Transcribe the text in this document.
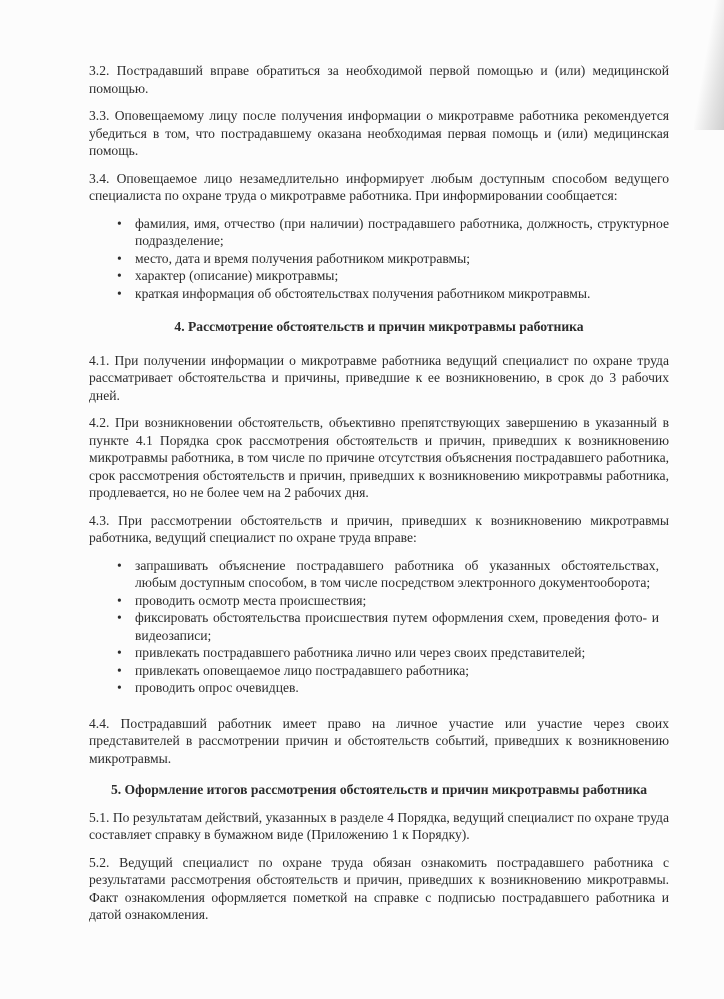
3.2. Пострадавший вправе обратиться за необходимой первой помощью и (или) медицинской помощью.

3.3. Оповещаемому лицу после получения информации о микротравме работника рекомендуется убедиться в том, что пострадавшему оказана необходимая первая помощь и (или) медицинская помощь.

3.4. Оповещаемое лицо незамедлительно информирует любым доступным способом ведущего специалиста по охране труда о микротравме работника. При информировании сообщается:

• фамилия, имя, отчество (при наличии) пострадавшего работника, должность, структурное подразделение;
• место, дата и время получения работником микротравмы;
• характер (описание) микротравмы;
• краткая информация об обстоятельствах получения работником микротравмы.
4. Рассмотрение обстоятельств и причин микротравмы работника

4.1. При получении информации о микротравме работника ведущий специалист по охране труда рассматривает обстоятельства и причины, приведшие к ее возникновению, в срок до 3 рабочих дней.

4.2. При возникновении обстоятельств, объективно препятствующих завершению в указанный в пункте 4.1 Порядка срок рассмотрения обстоятельств и причин, приведших к возникновению микротравмы работника, в том числе по причине отсутствия объяснения пострадавшего работника, срок рассмотрения обстоятельств и причин, приведших к возникновению микротравмы работника, продлевается, но не более чем на 2 рабочих дня.

4.3. При рассмотрении обстоятельств и причин, приведших к возникновению микротравмы работника, ведущий специалист по охране труда вправе:

• запрашивать объяснение пострадавшего работника об указанных обстоятельствах, любым доступным способом, в том числе посредством электронного документооборота;
• проводить осмотр места происшествия;
• фиксировать обстоятельства происшествия путем оформления схем, проведения фото- и видеозаписи;
• привлекать пострадавшего работника лично или через своих представителей;
• привлекать оповещаемое лицо пострадавшего работника;
• проводить опрос очевидцев.

4.4. Пострадавший работник имеет право на личное участие или участие через своих представителей в рассмотрении причин и обстоятельств событий, приведших к возникновению микротравмы.

5. Оформление итогов рассмотрения обстоятельств и причин микротравмы работника

5.1. По результатам действий, указанных в разделе 4 Порядка, ведущий специалист по охране труда составляет справку в бумажном виде (Приложению 1 к Порядку).

5.2. Ведущий специалист по охране труда обязан ознакомить пострадавшего работника с результатами рассмотрения обстоятельств и причин, приведших к возникновению микротравмы. Факт ознакомления оформляется пометкой на справке с подписью пострадавшего работника и датой ознакомления.
